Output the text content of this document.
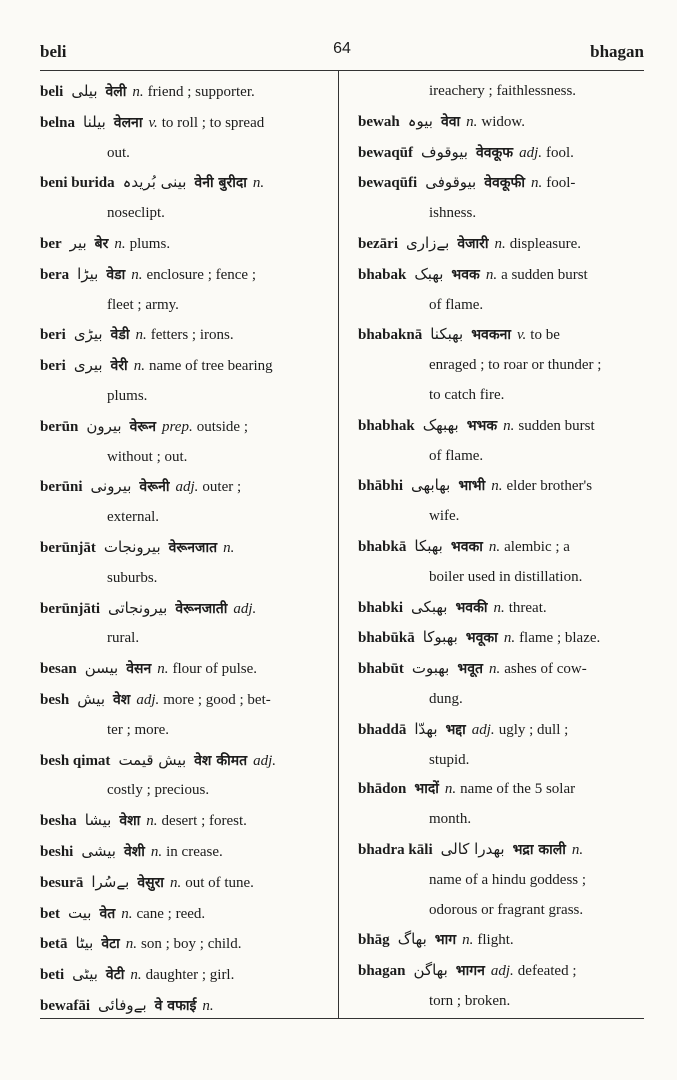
beli	64	bhagan
beli بیلی वेली n. friend ; supporter.
belna بیلنا वेलना v. to roll ; to spread
out.
beni burida بینی بُریدہ वेनी बुरीदा n.
noseclipt.
ber بیر बेर n. plums.
bera بیڑا वेडा n. enclosure ; fence ;
fleet ; army.
beri بیڑی वेडी n. fetters ; irons.
beri بیری वेरी n. name of tree bearing
plums.
berūn بیرون वेरून prep. outside ;
without ; out.
berūni بیرونی वेरूनी adj. outer ;
external.
berūnjāt بیرونجات वेरूनजात n.
suburbs.
berūnjāti بیرونجاتی वेरूनजाती adj.
rural.
besan بیسن वेसन n. flour of pulse.
besh بیش वेश adj. more ; good ; bet-
ter ; more.
besh qimat بیش قیمت वेश कीमत adj.
costly ; precious.
besha بیشا वेशा n. desert ; forest.
beshi بیشی वेशी n. in crease.
besurā بےسُرا वेसुरा n. out of tune.
bet بیت वेत n. cane ; reed.
betā بیٹا वेटा n. son ; boy ; child.
beti بیٹی वेटी n. daughter ; girl.
bewafāi بےوفائی वे वफाई n.
ireachery ; faithlessness.
bewah بیوہ वेवा n. widow.
bewaqūf بیوقوف वेवकूफ adj. fool.
bewaqūfi بیوقوفی वेवकूफी n. fool-
ishness.
bezāri بےزاری वेजारी n. displeasure.
bhabak بھبک भवक n. a sudden burst
of flame.
bhabaknā بھبکنا भवकना v. to be
enraged ; to roar or thunder ;
to catch fire.
bhabhak بھبھک भभक n. sudden burst
of flame.
bhābhi بھابھی भाभी n. elder brother's
wife.
bhabkā بھبکا भवका n. alembic ; a
boiler used in distillation.
bhabki بھبکی भवकी n. threat.
bhabūkā بھبوکا भवूका n. flame ; blaze.
bhabūt بھبوت भवूत n. ashes of cow-
dung.
bhaddā بھدّا भद्दा adj. ugly ; dull ;
stupid.
bhādon भादों n. name of the 5 solar
month.
bhadra kāli بھدرا کالی भद्रा काली n.
name of a hindu goddess ;
odorous or fragrant grass.
bhāg بھاگ भाग n. flight.
bhagan بھاگن भागन adj. defeated ;
torn ; broken.
